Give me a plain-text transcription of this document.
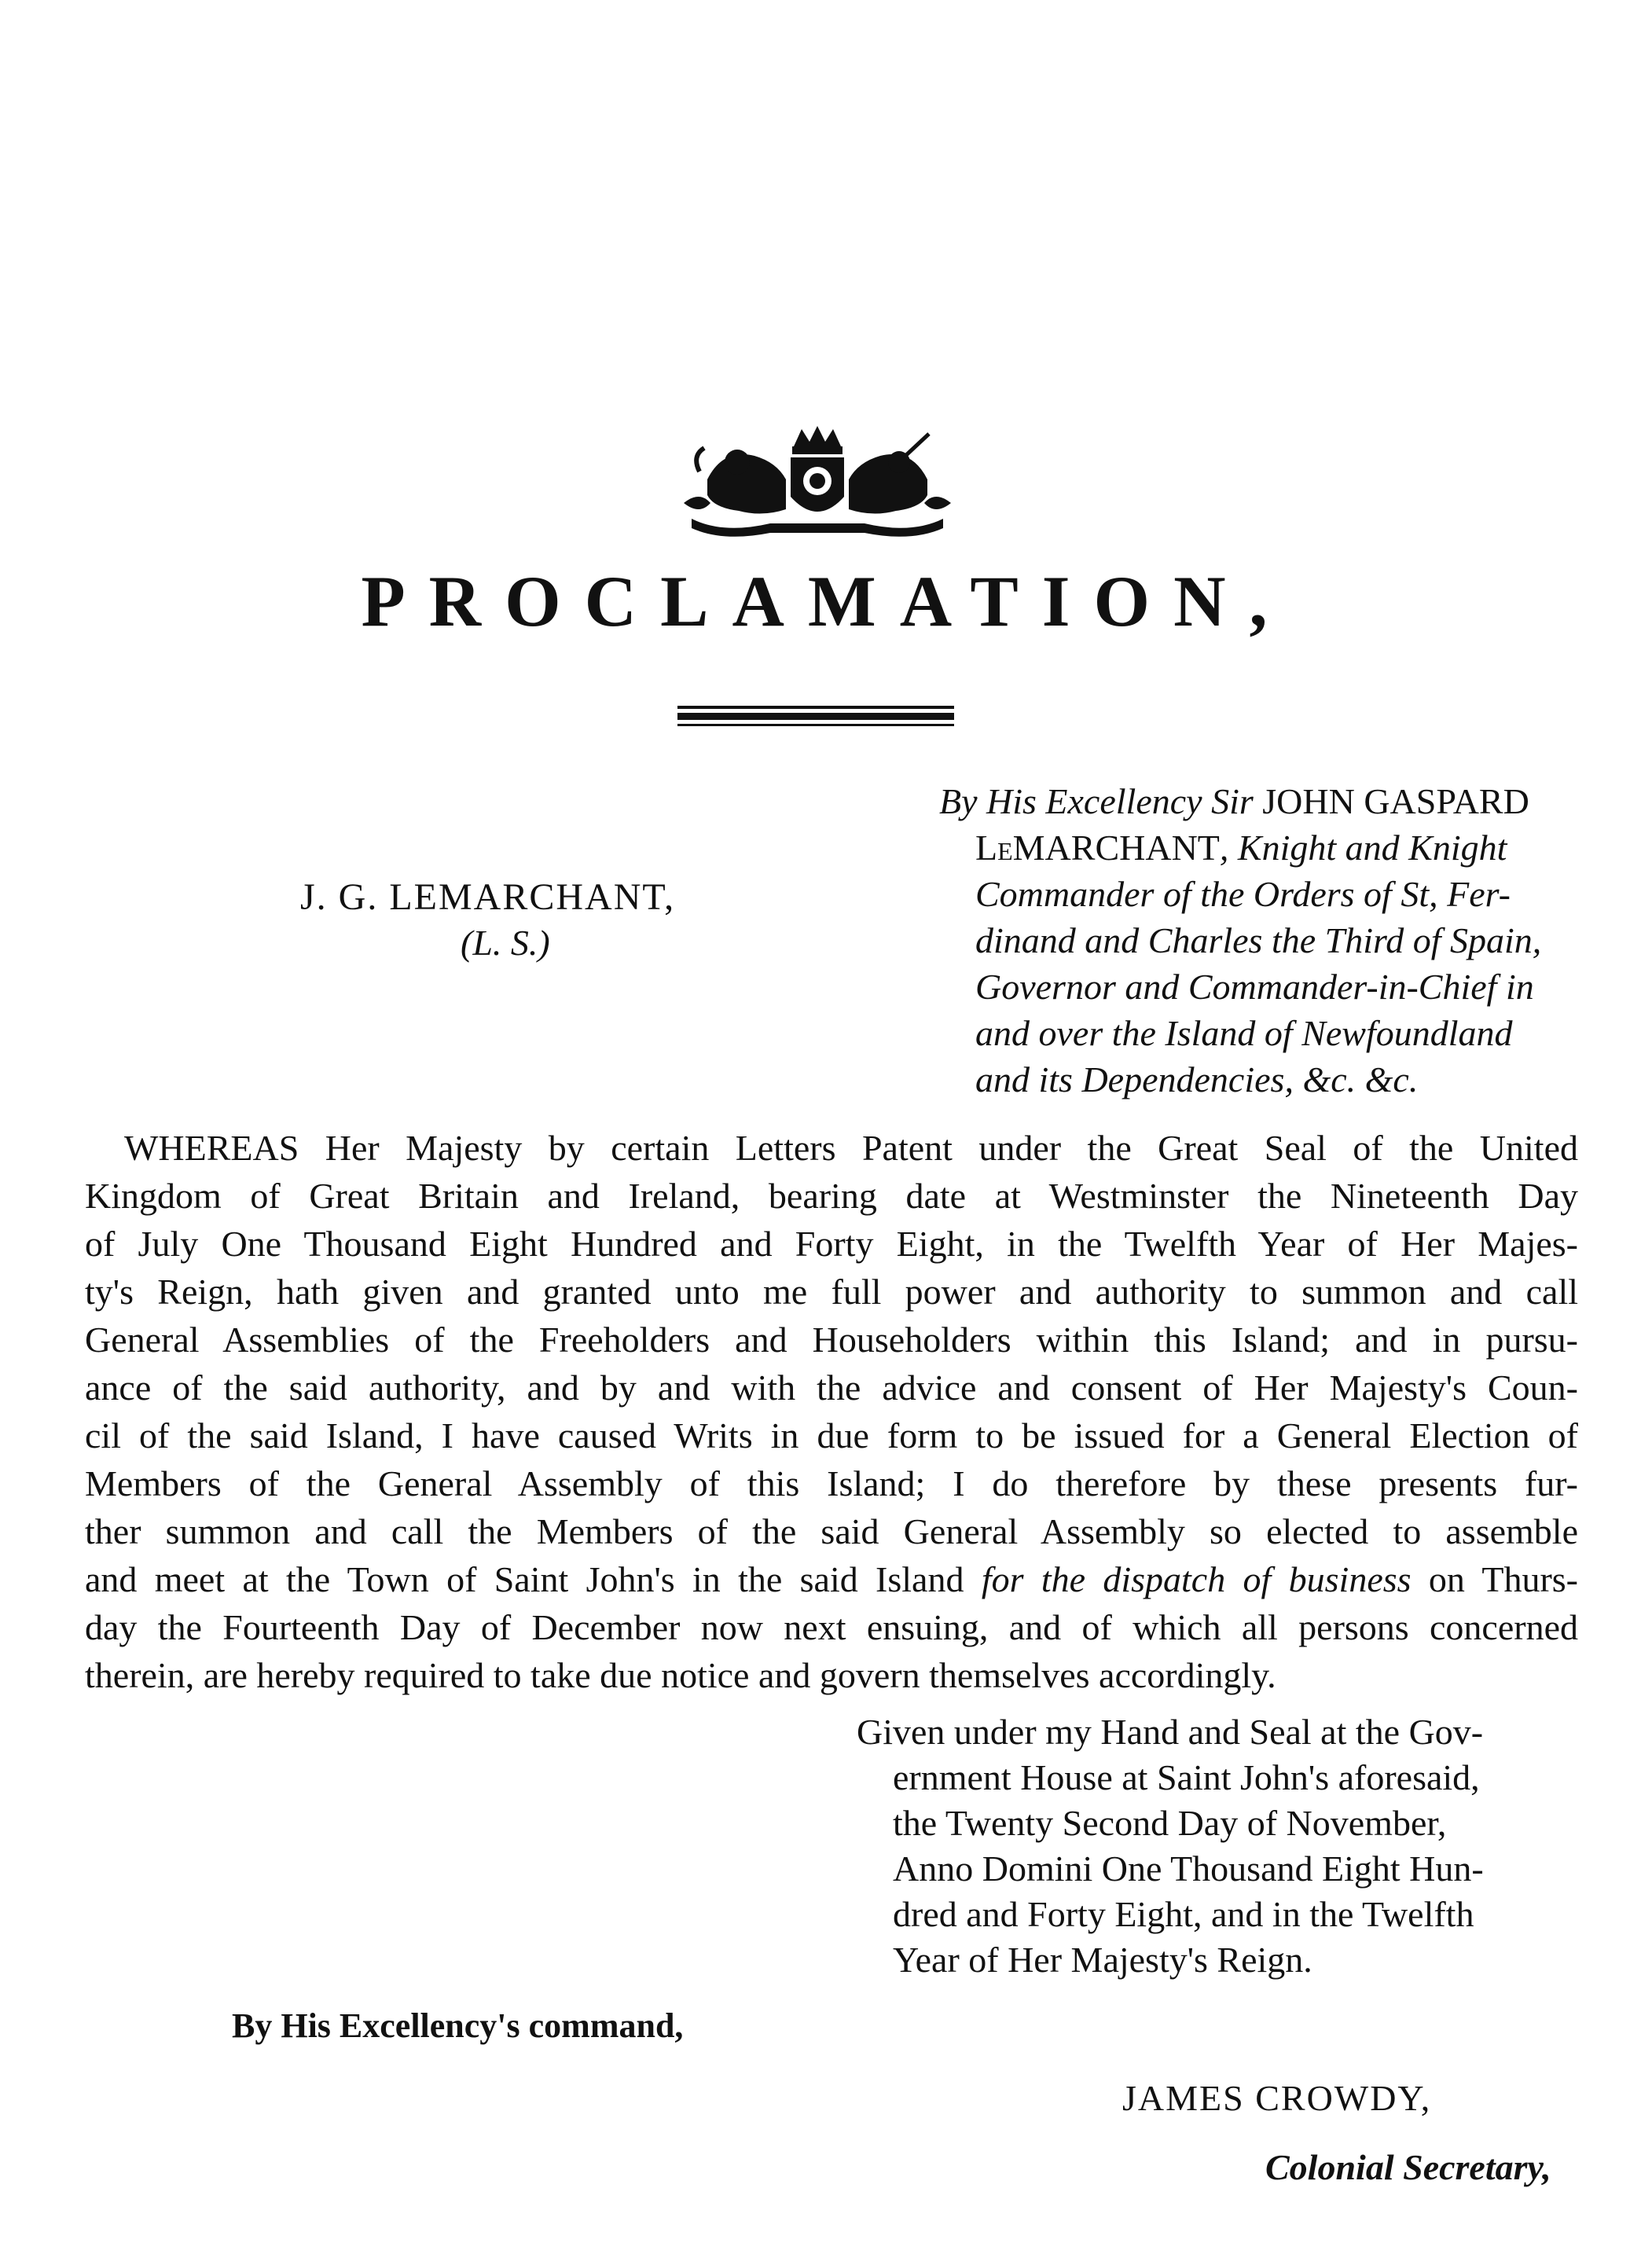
PROCLAMATION,
J. G. LEMARCHANT,
(L. S.)
By His Excellency Sir JOHN GASPARD
LeMARCHANT, Knight and Knight
Commander of the Orders of St, Fer-
dinand and Charles the Third of Spain,
Governor and Commander-in-Chief in
and over the Island of Newfoundland
and its Dependencies, &c. &c.
WHEREAS Her Majesty by certain Letters Patent under the Great Seal of the United
Kingdom of Great Britain and Ireland, bearing date at Westminster the Nineteenth Day
of July One Thousand Eight Hundred and Forty Eight, in the Twelfth Year of Her Majes-
ty's Reign, hath given and granted unto me full power and authority to summon and call
General Assemblies of the Freeholders and Householders within this Island; and in pursu-
ance of the said authority, and by and with the advice and consent of Her Majesty's Coun-
cil of the said Island, I have caused Writs in due form to be issued for a General Election of
Members of the General Assembly of this Island; I do therefore by these presents fur-
ther summon and call the Members of the said General Assembly so elected to assemble
and meet at the Town of Saint John's in the said Island for the dispatch of business on Thurs-
day the Fourteenth Day of December now next ensuing, and of which all persons concerned
therein, are hereby required to take due notice and govern themselves accordingly.
Given under my Hand and Seal at the Gov-
ernment House at Saint John's aforesaid,
the Twenty Second Day of November,
Anno Domini One Thousand Eight Hun-
dred and Forty Eight, and in the Twelfth
Year of Her Majesty's Reign.
By His Excellency's command,
JAMES CROWDY,
Colonial Secretary,
